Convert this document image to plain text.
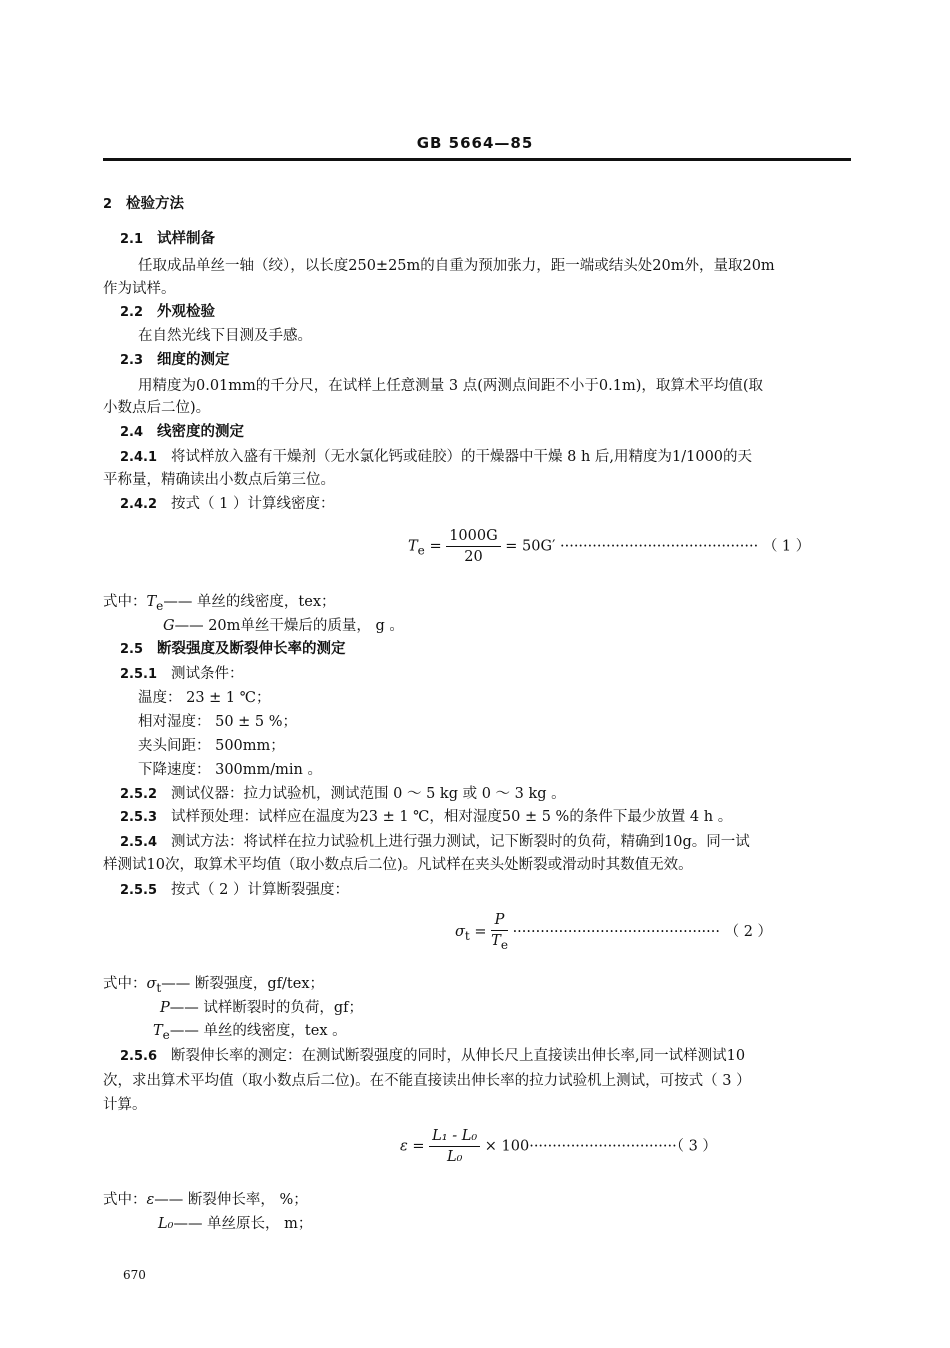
GB 5664—85
2 检验方法
2.1 试样制备
任取成品单丝一轴（绞），以长度250±25m的自重为预加张力，距一端或结头处20m外，量取20m
作为试样。
2.2 外观检验
在自然光线下目测及手感。
2.3 细度的测定
用精度为0.01mm的千分尺，在试样上任意测量 3 点(两测点间距不小于0.1m)，取算术平均值(取
小数点后二位)。
2.4 线密度的测定
2.4.1 将试样放入盛有干燥剂（无水氯化钙或硅胶）的干燥器中干燥 8 h 后,用精度为1/1000的天
平称量，精确读出小数点后第三位。
2.4.2 按式（ 1 ）计算线密度：
$T_e = \frac{1000G}{20} = 50G'$ ··········································· （ 1 ）
式中：$T_e——$ 单丝的线密度，tex；
G—— 20m单丝干燥后的质量， g 。
2.5 断裂强度及断裂伸长率的测定
2.5.1 测试条件：
温度： 23 ± 1 ℃；
相对湿度： 50 ± 5 %；
夹头间距： 500mm；
下降速度： 300mm/min 。
2.5.2 测试仪器：拉力试验机，测试范围 0 ～ 5 kg 或 0 ～ 3 kg 。
2.5.3 试样预处理：试样应在温度为23 ± 1 ℃，相对湿度50 ± 5 %的条件下最少放置 4 h 。
2.5.4 测试方法：将试样在拉力试验机上进行强力测试，记下断裂时的负荷，精确到10g。同一试
样测试10次，取算术平均值（取小数点后二位)。凡试样在夹头处断裂或滑动时其数值无效。
2.5.5 按式（ 2 ）计算断裂强度：
$\sigma_t = \frac{P}{T_e}$ ············································· （ 2 ）
式中：$\sigma_t——$ 断裂强度，gf/tex；
P—— 试样断裂时的负荷，gf；
$T_e——$ 单丝的线密度，tex 。
2.5.6 断裂伸长率的测定：在测试断裂强度的同时，从伸长尺上直接读出伸长率,同一试样测试10
次，求出算术平均值（取小数点后二位)。在不能直接读出伸长率的拉力试验机上测试，可按式（ 3 ）
计算。
$\varepsilon = \frac{\text{L₁ - L₀}}{\text{L₀}} \times 100\cdot\cdot\cdot\cdot\cdot\cdot\cdot\cdot\cdot\cdot\cdot\cdot\cdot\cdot\cdot\cdot\cdot\cdot\cdot\cdot\cdot\cdot\cdot\cdot\cdot\cdot\cdot\cdot\cdot\cdot\cdot\cdot$（ 3 ）
式中：ε—— 断裂伸长率， %；
L₀—— 单丝原长， m；
670
